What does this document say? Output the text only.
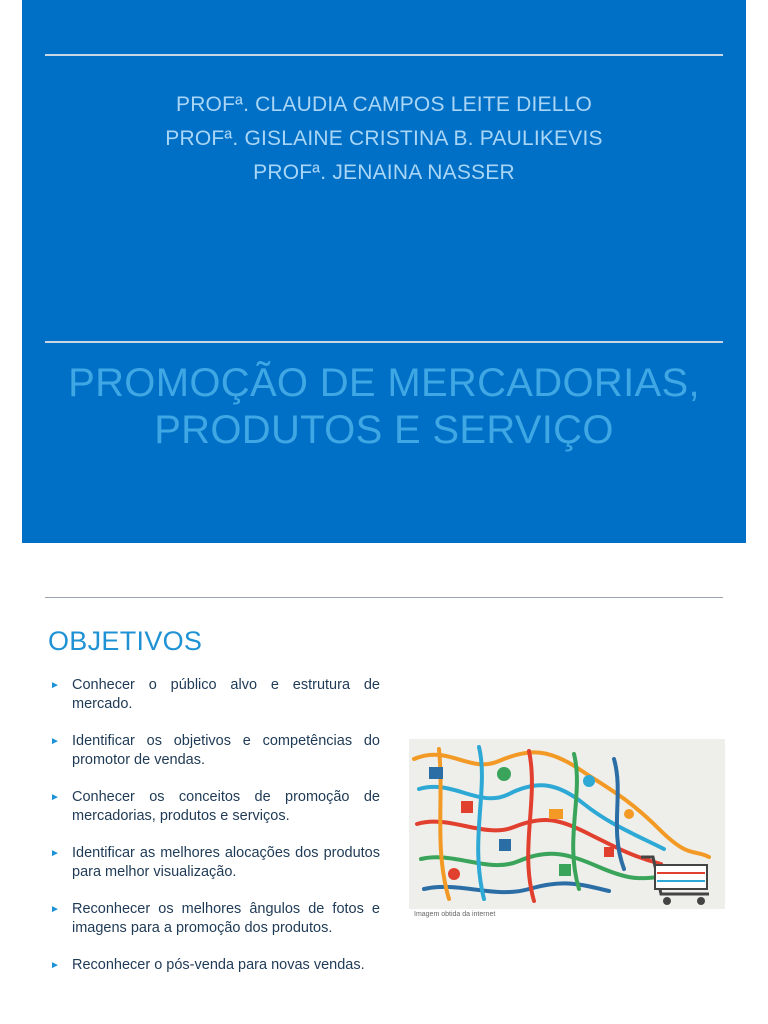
PROFª. CLAUDIA CAMPOS LEITE DIELLO
PROFª. GISLAINE CRISTINA B. PAULIKEVIS
PROFª. JENAINA NASSER
PROMOÇÃO DE MERCADORIAS,
PRODUTOS E SERVIÇO
OBJETIVOS
► Conhecer o público alvo e estrutura de mercado.
► Identificar os objetivos e competências do promotor de vendas.
► Conhecer os conceitos de promoção de mercadorias, produtos e serviços.
► Identificar as melhores alocações dos produtos para melhor visualização.
► Reconhecer os melhores ângulos de fotos e imagens para a promoção dos produtos.
► Reconhecer o pós-venda para novas vendas.
Imagem obtida da internet
